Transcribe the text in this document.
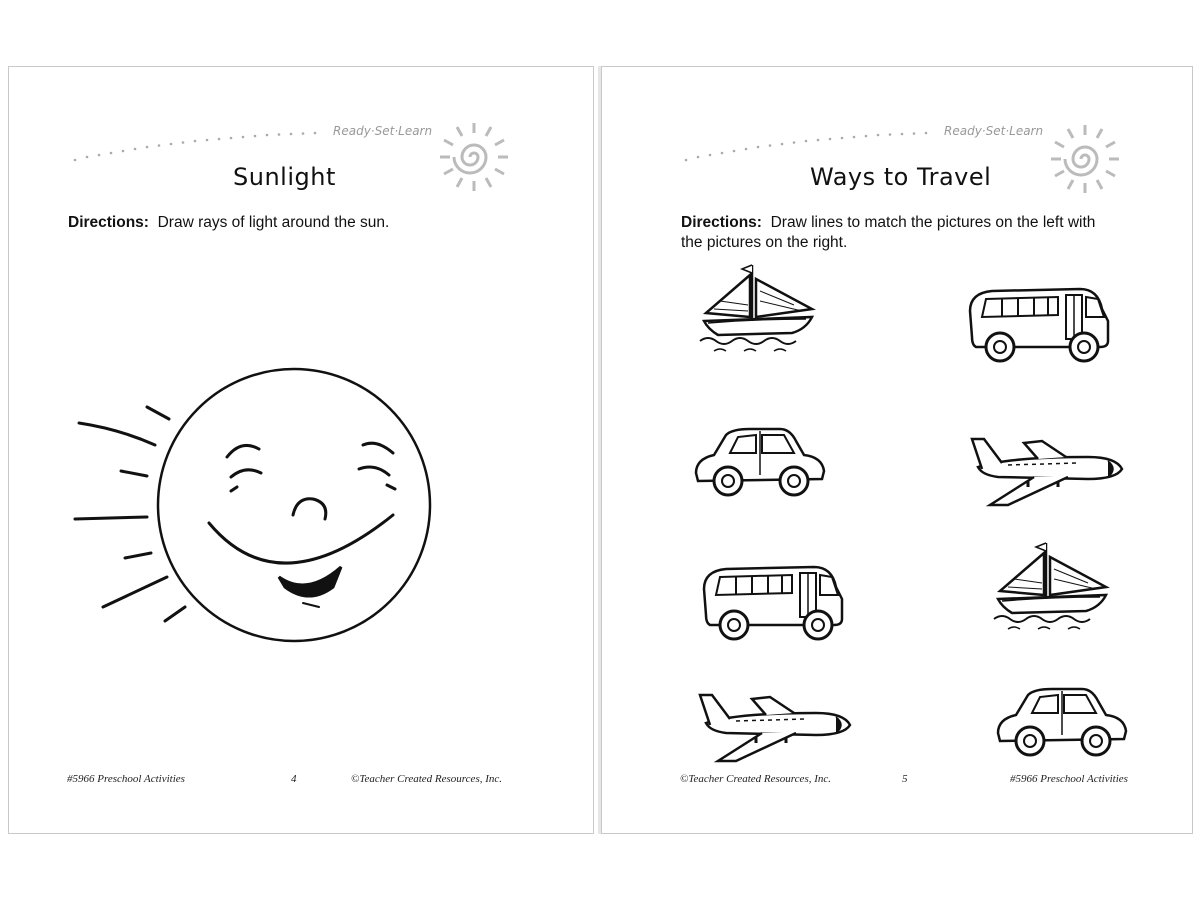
Ready·Set·Learn
Sunlight
Directions: Draw rays of light around the sun.
#5966 Preschool Activities	4	©Teacher Created Resources, Inc.
Ready·Set·Learn
Ways to Travel
Directions: Draw lines to match the pictures on the left with
the pictures on the right.
©Teacher Created Resources, Inc.	5	#5966 Preschool Activities
